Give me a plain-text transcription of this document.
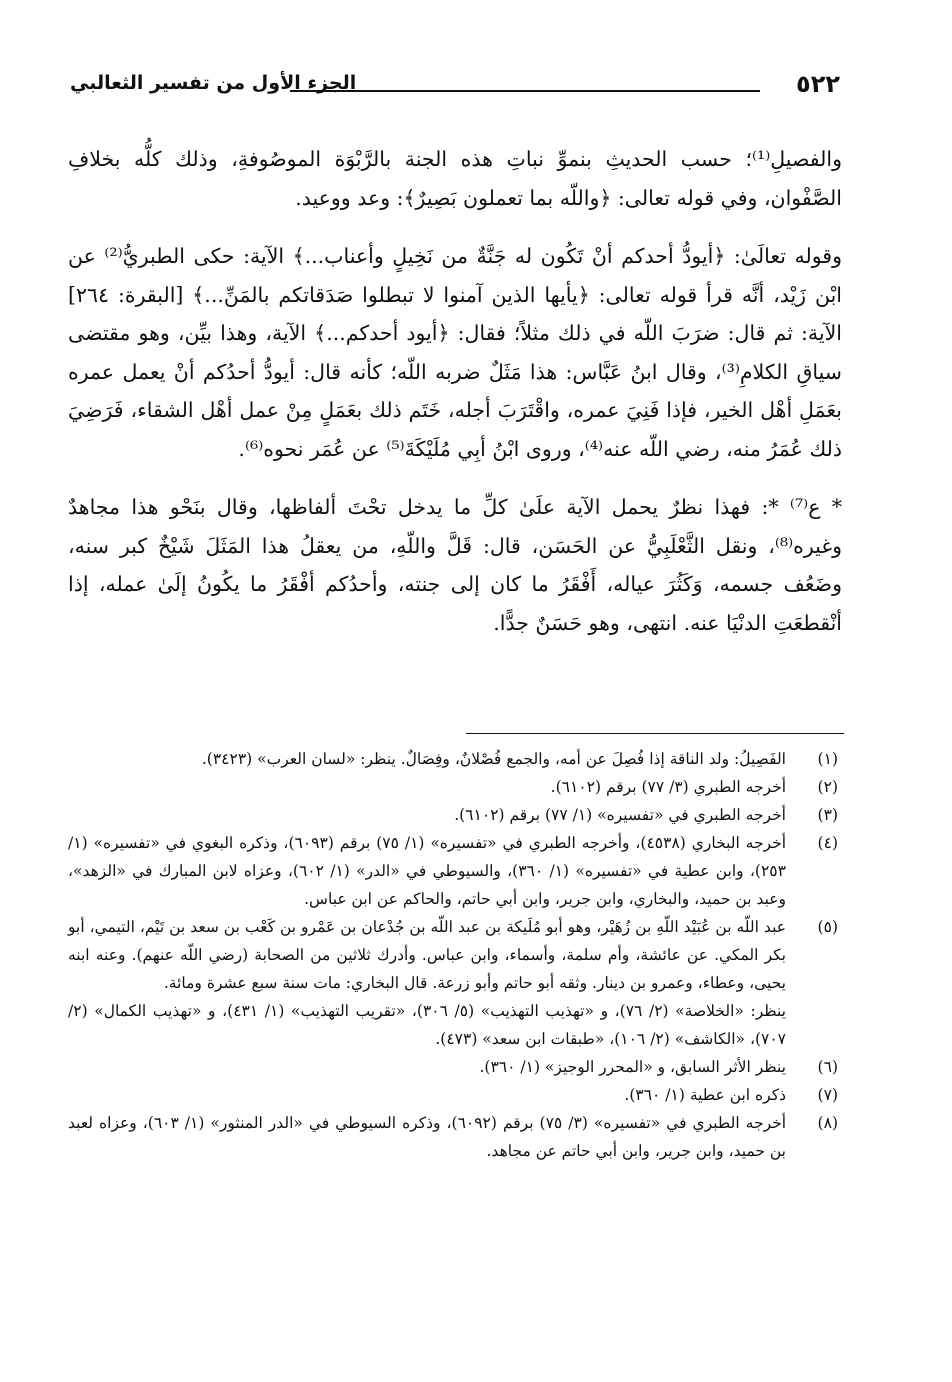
٥٢٢
الجزء الأول من تفسير الثعالبي

والفصيلِ⁽¹⁾؛ حسب الحديثِ بنموِّ نباتِ هذه الجنة بالرَّبْوَة الموصُوفةِ، وذلك كلُّه بخلافِ الصَّفْوان، وفي قوله تعالى: ﴿واللّه بما تعملون بَصِيرٌ﴾: وعد ووعيد.

وقوله تعالَىٰ: ﴿أيودُّ أحدكم أنْ تَكُون له جَنَّةٌ من نَخِيلٍ وأعناب...﴾ الآية: حكى الطبريُّ⁽²⁾ عن ابْن زَيْد، أنَّه قرأ قوله تعالى: ﴿يأيها الذين آمنوا لا تبطلوا صَدَقاتكم بالمَنِّ...﴾ [البقرة: ٢٦٤] الآية: ثم قال: ضرَبَ اللّه في ذلك مثلاً؛ فقال: ﴿أيود أحدكم...﴾ الآية، وهذا بيِّن، وهو مقتضى سياقِ الكلامِ⁽³⁾، وقال ابنُ عَبَّاس: هذا مَثَلٌ ضربه اللّه؛ كأنه قال: أيودُّ أحدُكم أنْ يعمل عمره بعَمَلِ أهْل الخير، فإذا فَنِيَ عمره، واقْتَرَبَ أجله، خَتَم ذلك بعَمَلٍ مِنْ عمل أهْل الشقاء، فَرَضِيَ ذلك عُمَرُ منه، رضي اللّه عنه⁽⁴⁾، وروى ابْنُ أبِي مُلَيْكَةَ⁽⁵⁾ عن عُمَر نحوه⁽⁶⁾.

* ع⁽⁷⁾ *: فهذا نظرٌ يحمل الآية علَىٰ كلِّ ما يدخل تحْتَ ألفاظها، وقال بنَحْو هذا مجاهدٌ وغيره⁽⁸⁾، ونقل الثَّعْلَبِيُّ عن الحَسَن، قال: قَلَّ واللّهِ، من يعقلُ هذا المَثَلَ شَيْخٌ كبر سنه، وضَعُف جسمه، وَكَثُرَ عياله، أَفْقَرُ ما كان إلى جنته، وأحدُكم أفْقَرُ ما يكُونُ إلَىٰ عمله، إذا أنْقطعَتِ الدنْيَا عنه. انتهى، وهو حَسَنٌ جدًّا.

(١)
الفَصِيلُ: ولد الناقة إذا فُصِلَ عن أمه، والجمع فُصْلانٌ، وفِصَالٌ. ينظر: «لسان العرب» (٣٤٢٣).
(٢)
أخرجه الطبري (٣/ ٧٧) برقم (٦١٠٢).
(٣)
أخرجه الطبري في «تفسيره» (١/ ٧٧) برقم (٦١٠٢).
(٤)
أخرجه البخاري (٤٥٣٨)، وأخرجه الطبري في «تفسيره» (١/ ٧٥) برقم (٦٠٩٣)، وذكره البغوي في «تفسيره» (١/ ٢٥٣)، وابن عطية في «تفسيره» (١/ ٣٦٠)، والسيوطي في «الدر» (١/ ٦٠٢)، وعزاه لابن المبارك في «الزهد»، وعبد بن حميد، والبخاري، وابن جرير، وابن أبي حاتم، والحاكم عن ابن عباس.
(٥)
عبد اللّه بن عُبَيْد اللّهِ بن زُهَيْر، وهو أبو مُلَيكة بن عبد اللّه بن جُدْعان بن عَمْرو بن كَعْب بن سعد بن تَيْم، التيمي، أبو بكر المكي. عن عائشة، وأم سلمة، وأسماء، وابن عباس. وأدرك ثلاثين من الصحابة (رضي اللّه عنهم). وعنه ابنه يحيى، وعطاء، وعمرو بن دينار. وثقه أبو حاتم وأبو زرعة. قال البخاري: مات سنة سبع عشرة ومائة.
ينظر: «الخلاصة» (٢/ ٧٦)، و «تهذيب التهذيب» (٥/ ٣٠٦)، «تقريب التهذيب» (١/ ٤٣١)، و «تهذيب الكمال» (٢/ ٧٠٧)، «الكاشف» (٢/ ١٠٦)، «طبقات ابن سعد» (٤٧٣).
(٦)
ينظر الأثر السابق، و «المحرر الوجيز» (١/ ٣٦٠).
(٧)
ذكره ابن عطية (١/ ٣٦٠).
(٨)
أخرجه الطبري في «تفسيره» (٣/ ٧٥) برقم (٦٠٩٢)، وذكره السيوطي في «الدر المنثور» (١/ ٦٠٣)، وعزاه لعبد بن حميد، وابن جرير، وابن أبي حاتم عن مجاهد.
